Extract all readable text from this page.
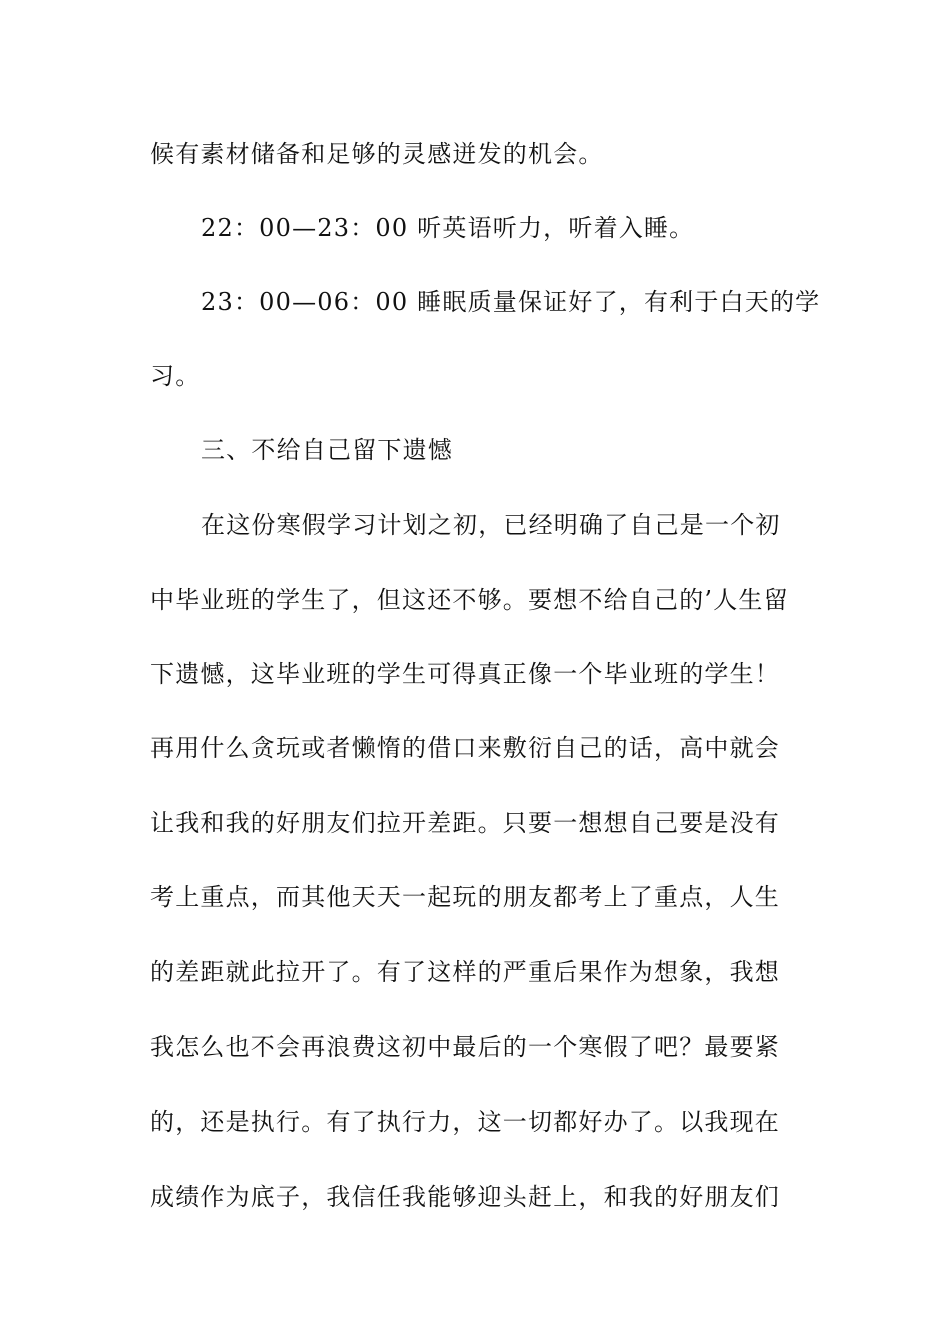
候有素材储备和足够的灵感迸发的机会。
22：00—23：00 听英语听力，听着入睡。
23：00—06：00 睡眠质量保证好了，有利于白天的学
习。
三、不给自己留下遗憾
在这份寒假学习计划之初，已经明确了自己是一个初
中毕业班的学生了，但这还不够。要想不给自己的’人生留
下遗憾，这毕业班的学生可得真正像一个毕业班的学生！
再用什么贪玩或者懒惰的借口来敷衍自己的话，高中就会
让我和我的好朋友们拉开差距。只要一想想自己要是没有
考上重点，而其他天天一起玩的朋友都考上了重点，人生
的差距就此拉开了。有了这样的严重后果作为想象，我想
我怎么也不会再浪费这初中最后的一个寒假了吧？最要紧
的，还是执行。有了执行力，这一切都好办了。以我现在
成绩作为底子，我信任我能够迎头赶上，和我的好朋友们
